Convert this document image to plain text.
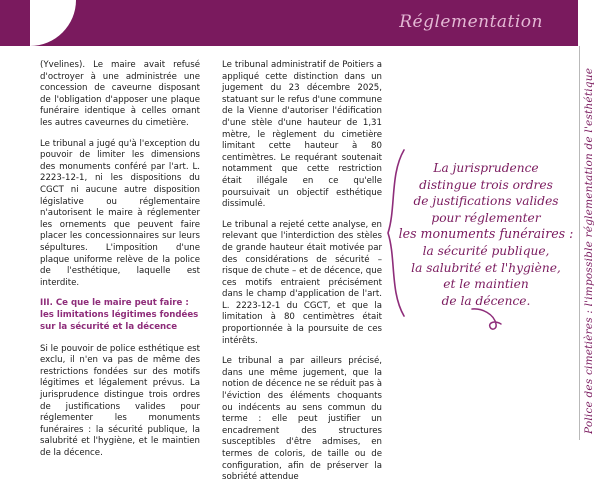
Réglementation
Police des cimetières : l'impossible réglementation de l'esthétique

(Yvelines). Le maire avait refusé d'octroyer à une administrée une concession de caveurne disposant de l'obligation d'apposer une plaque funéraire identique à celles ornant les autres caveurnes du cimetière.

Le tribunal a jugé qu'à l'exception du pouvoir de limiter les dimensions des monuments conféré par l'art. L. 2223-12-1, ni les dispositions du CGCT ni aucune autre disposition législative ou réglementaire n'autorisent le maire à réglementer les ornements que peuvent faire placer les concessionnaires sur leurs sépultures. L'imposition d'une plaque uniforme relève de la police de l'esthétique, laquelle est interdite.

III. Ce que le maire peut faire : les limitations légitimes fondées sur la sécurité et la décence

Si le pouvoir de police esthétique est exclu, il n'en va pas de même des restrictions fondées sur des motifs légitimes et légalement prévus. La jurisprudence distingue trois ordres de justifications valides pour réglementer les monuments funéraires : la sécurité publique, la salubrité et l'hygiène, et le maintien de la décence.

Le tribunal administratif de Poitiers a appliqué cette distinction dans un jugement du 23 décembre 2025, statuant sur le refus d'une commune de la Vienne d'autoriser l'édification d'une stèle d'une hauteur de 1,31 mètre, le règlement du cimetière limitant cette hauteur à 80 centimètres. Le requérant soutenait notamment que cette restriction était illégale en ce qu'elle poursuivait un objectif esthétique dissimulé.

Le tribunal a rejeté cette analyse, en relevant que l'interdiction des stèles de grande hauteur était motivée par des considérations de sécurité – risque de chute – et de décence, que ces motifs entraient précisément dans le champ d'application de l'art. L. 2223-12-1 du CGCT, et que la limitation à 80 centimètres était proportionnée à la poursuite de ces intérêts.

Le tribunal a par ailleurs précisé, dans une même jugement, que la notion de décence ne se réduit pas à l'éviction des éléments choquants ou indécents au sens commun du terme : elle peut justifier un encadrement des structures susceptibles d'être admises, en termes de coloris, de taille ou de configuration, afin de préserver la sobriété attendue

La jurisprudence
distingue trois ordres
de justifications valides
pour réglementer
les monuments funéraires :
la sécurité publique,
la salubrité et l'hygiène,
et le maintien
de la décence.
